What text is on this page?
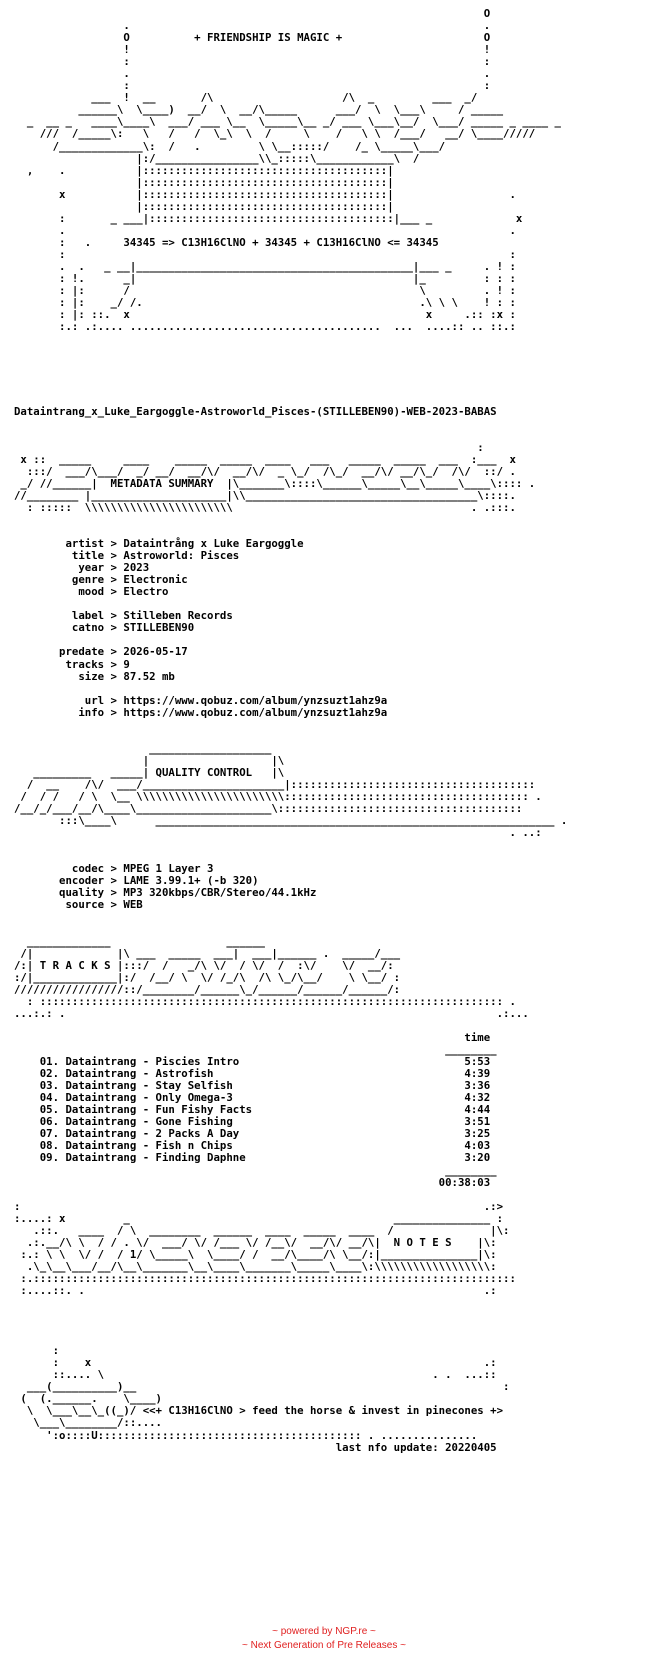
O
.                                                       .
O          + FRIENDSHIP IS MAGIC +                      O
!                                                       !
:                                                       :
.                                                       .
:                                                       :
___  !  __       /\                    /\  _         ___  _/
______\  \____)  __/  \  __/\_____      ___/  \  \___\     / _____
_  __ _   ____\____\  ___/ ___ \__  \_____\__ _/ ___ \___\__/  \___/ _____ _ ____ _
///  /_____\:   \   /   /  \_\  \  /     \    /   \ \  /___/   __/ \____/////
/_____________\:  /   .         \ \__:::::/    /_ \_____\___/
|:/________________\\_:::::\____________\  /
,    .           |::::::::::::::::::::::::::::::::::::::|
|::::::::::::::::::::::::::::::::::::::|
x           |::::::::::::::::::::::::::::::::::::::|                  .
|::::::::::::::::::::::::::::::::::::::|
:       _ ___|::::::::::::::::::::::::::::::::::::::|___ _             x
.                                                                     .
:   .     34345 => C13H16ClNO + 34345 + C13H16ClNO <= 34345
:                                                                     :
.  .   _ __|___________________________________________|___ _     . ! :
: !.      _|                                           |_         : : :
: |:      /                                             \         . ! :
: |:    _/ /.                                           .\ \ \    ! : :
: |: ::.  x                                              x     .:: :x :
:.: .:.... .......................................  ...  ....:: .. ::.:

Dataintrang_x_Luke_Eargoggle-Astroworld_Pisces-(STILLEBEN90)-WEB-2023-BABAS

:
x ::  _____     ____    _____  _____  ____   ___   _____  _____  ___  :___  x
:::/  ___/\___/  _/ __/  __/\/  __/\/  _ \_/  /\_/  __/\/ __/\_/  /\/  ::/ .
_/ //______|  METADATA SUMMARY  |\_______\::::\______\_____\__\_____\____\:::: .
//________ |_____________________|\\____________________________________\::::.
: :::::  \\\\\\\\\\\\\\\\\\\\\\\                                     . .:::.

artist > Dataintrång x Luke Eargoggle
title > Astroworld: Pisces
year > 2023
genre > Electronic
mood > Electro

label > Stilleben Records
catno > STILLEBEN90

predate > 2026-05-17
tracks > 9
size > 87.52 mb

url > https://www.qobuz.com/album/ynzsuzt1ahz9a
info > https://www.qobuz.com/album/ynzsuzt1ahz9a

___________________
|                   |\
_________   _____| QUALITY CONTROL   |\
/  __    /\/  ___/______________________|::::::::::::::::::::::::::::::::::::::
/  / /   / \  \__ \\\\\\\\\\\\\\\\\\\\\\\:::::::::::::::::::::::::::::::::::::: .
/__/_/___/__/\____\_____________________\::::::::::::::::::::::::::::::::::::::
:::\____\      ______________________________________________________________ .
. ..:

codec > MPEG 1 Layer 3
encoder > LAME 3.99.1+ (-b 320)
quality > MP3 320kbps/CBR/Stereo/44.1kHz
source > WEB

_____________                  ______
/|             |\ ___  _____  ___|  ___|______ .  _____/___
/:| T R A C K S |:::/  /   _/\ \/  / \/  /  :\/    \/  __/:
:/|_____________|:/  /__/ \  \/ /_/\  /\ \_/\__/    \ \__/ :
/////////////////::/________/______\_/______/______/______/:
: :::::::::::::::::::::::::::::::::::::::::::::::::::::::::::::::::::::::: .
...:.: .                                                                   .:...

time
________
01. Dataintrang - Piscies Intro                                   5:53
02. Dataintrang - Astrofish                                       4:39
03. Dataintrang - Stay Selfish                                    3:36
04. Dataintrang - Only Omega-3                                    4:32
05. Dataintrang - Fun Fishy Facts                                 4:44
06. Dataintrang - Gone Fishing                                    3:51
07. Dataintrang - 2 Packs A Day                                   3:25
08. Dataintrang - Fish n Chips                                    4:03
09. Dataintrang - Finding Daphne                                  3:20
________
00:38:03

:                                                                        .:>
:....: x         _                                         _______________ :
.::.   ____  / \  ________  ______  ____  _____  ____  /               |\:
.:.__/\ \  / / . \/  ___/ \/ /___ \/ /__\/  __/\/ __/\|  N O T E S    |\:
:.: \ \  \/ /  / 1/ \_____\  \____/ /  __/\____/\ \__/:|_______________|\:
.\_\__\___/__/\__\_______\__\____\_______\_____\____\:\\\\\\\\\\\\\\\\\\:
:.:::::::::::::::::::::::::::::::::::::::::::::::::::::::::::::::::::::::::::
:....::. .                                                              .:

:
:    x                                                             .:
::.... \                                                   . .  ...::
___(__________)__                                                         :
(  (.______.    \____)
\  \___\__\_((_)/ <<+ C13H16ClNO > feed the horse & invest in pinecones +>
\___\________/::....
':o::::U::::::::::::::::::::::::::::::::::::::::: . ...............
last nfo update: 20220405

~ powered by NGP.re ~
~ Next Generation of Pre Releases ~
